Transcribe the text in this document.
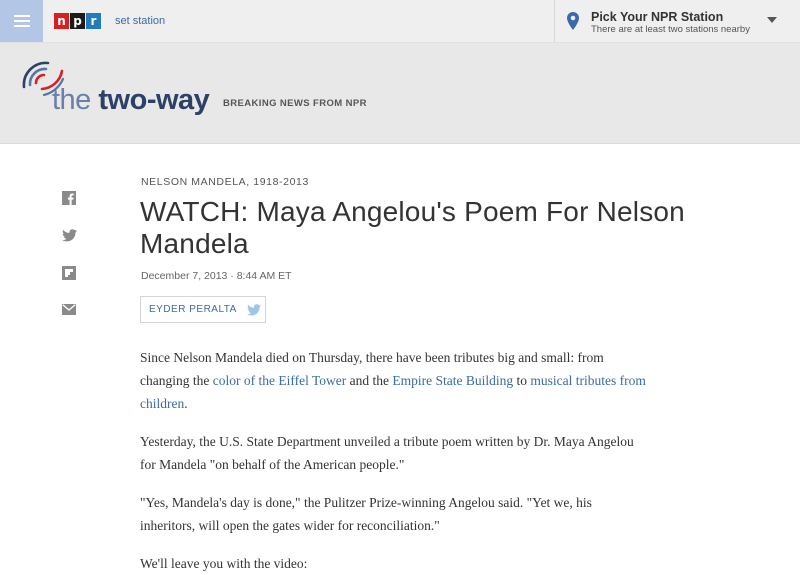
n p r	set station	Pick Your NPR Station
There are at least two stations nearby
the two-way BREAKING NEWS FROM NPR
NELSON MANDELA, 1918-2013
WATCH: Maya Angelou's Poem For Nelson Mandela
December 7, 2013 · 8:44 AM ET
EYDER PERALTA

Since Nelson Mandela died on Thursday, there have been tributes big and small: from changing the color of the Eiffel Tower and the Empire State Building to musical tributes from children.

Yesterday, the U.S. State Department unveiled a tribute poem written by Dr. Maya Angelou for Mandela "on behalf of the American people."

"Yes, Mandela's day is done," the Pulitzer Prize-winning Angelou said. "Yet we, his inheritors, will open the gates wider for reconciliation."

We'll leave you with the video:
